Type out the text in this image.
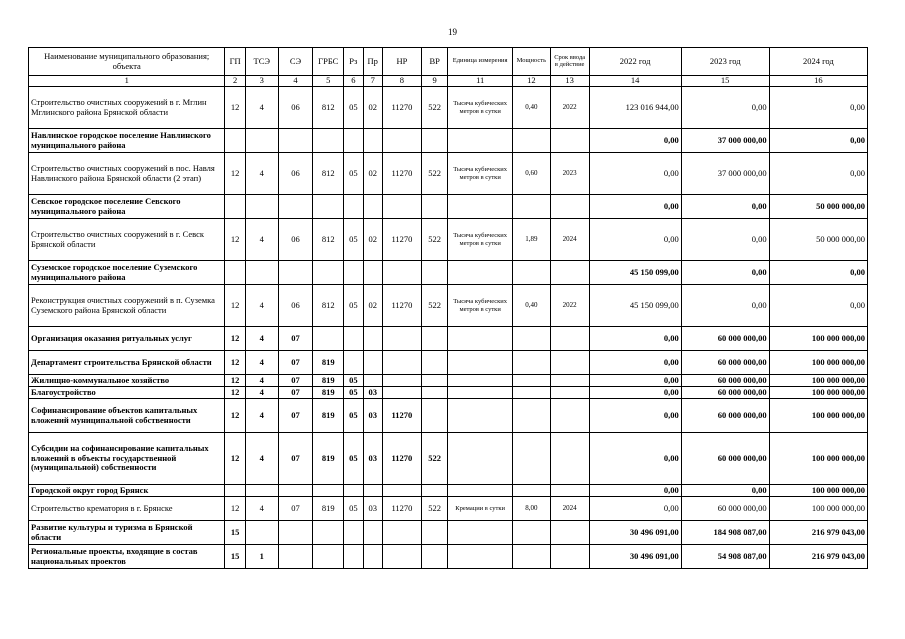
19
Наименование муниципального образования; объекта	ГП	ТСЭ	СЭ	ГРБС	Рз	Пр	НР	ВР	Единица измерения	Мощность	Срок ввода в действие	2022 год	2023 год	2024 год
1	2	3	4	5	6	7	8	9	11	12	13	14	15	16
Строительство очистных сооружений в г. Мглин Мглинского района Брянской области	12	4	06	812	05	02	11270	522	Тысяча кубических метров в сутки	0,40	2022	123 016 944,00	0,00	0,00
Навлинское городское поселение Навлинского муниципального района												0,00	37 000 000,00	0,00
Строительство очистных сооружений в пос. Навля Навлинского района Брянской области (2 этап)	12	4	06	812	05	02	11270	522	Тысяча кубических метров в сутки	0,60	2023	0,00	37 000 000,00	0,00
Севское городское поселение Севского муниципального района												0,00	0,00	50 000 000,00
Строительство очистных сооружений в г. Севск Брянской области	12	4	06	812	05	02	11270	522	Тысяча кубических метров в сутки	1,89	2024	0,00	0,00	50 000 000,00
Суземское городское поселение Суземского муниципального района												45 150 099,00	0,00	0,00
Реконструкция очистных сооружений в п. Суземка Суземского района Брянской области	12	4	06	812	05	02	11270	522	Тысяча кубических метров в сутки	0,40	2022	45 150 099,00	0,00	0,00
Организация оказания ритуальных услуг	12	4	07									0,00	60 000 000,00	100 000 000,00
Департамент строительства Брянской области	12	4	07	819								0,00	60 000 000,00	100 000 000,00
Жилищно-коммунальное хозяйство	12	4	07	819	05							0,00	60 000 000,00	100 000 000,00
Благоустройство	12	4	07	819	05	03						0,00	60 000 000,00	100 000 000,00
Софинансирование объектов капитальных вложений муниципальной собственности	12	4	07	819	05	03	11270					0,00	60 000 000,00	100 000 000,00
Субсидии на софинансирование капитальных вложений в объекты государственной (муниципальной) собственности	12	4	07	819	05	03	11270	522				0,00	60 000 000,00	100 000 000,00
Городской округ город Брянск												0,00	0,00	100 000 000,00
Строительство крематория в г. Брянске	12	4	07	819	05	03	11270	522	Кремации в сутки	8,00	2024	0,00	60 000 000,00	100 000 000,00
Развитие культуры и туризма в Брянской области	15											30 496 091,00	184 908 087,00	216 979 043,00
Региональные проекты, входящие в состав национальных проектов	15	1										30 496 091,00	54 908 087,00	216 979 043,00
